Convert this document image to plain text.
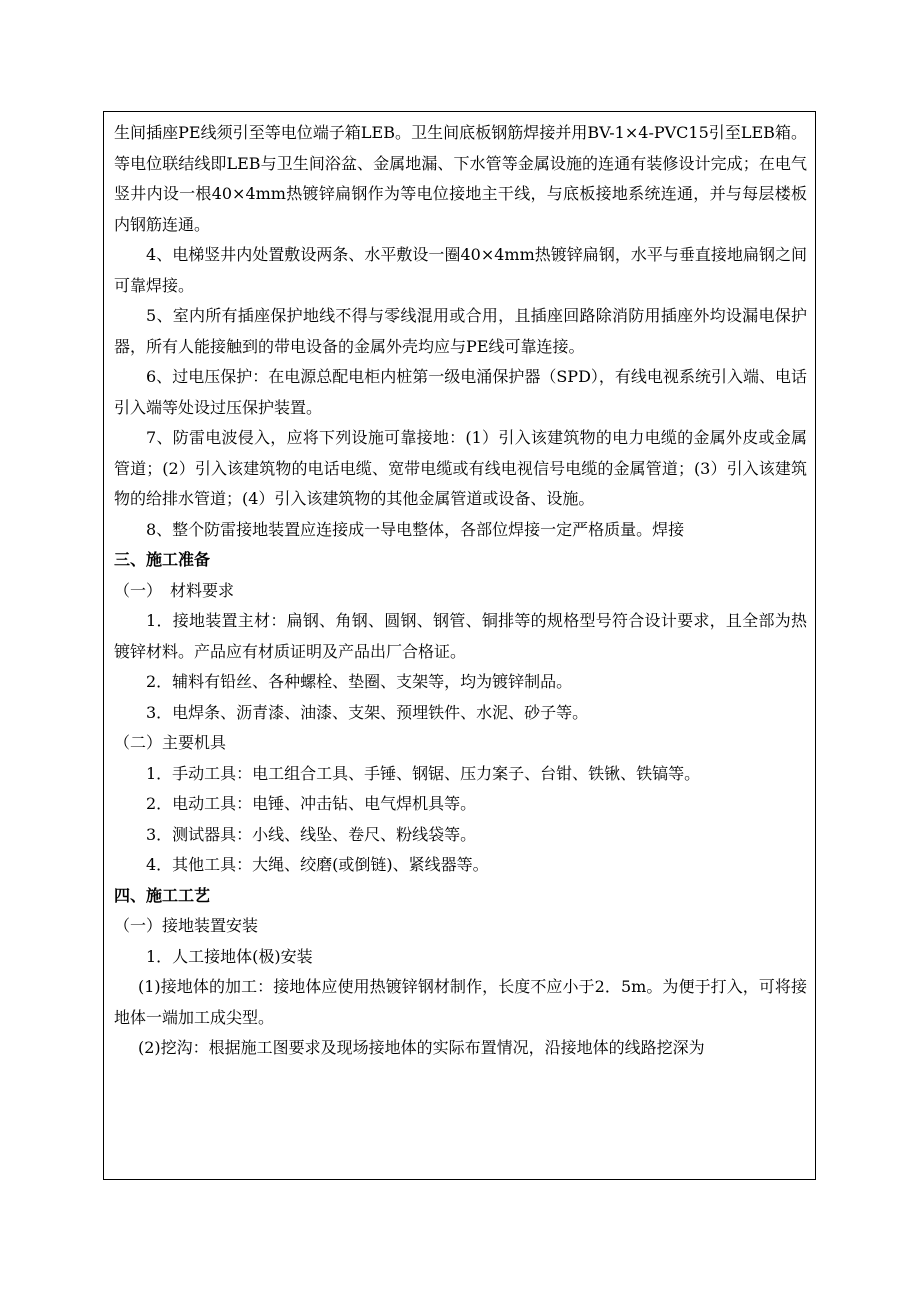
生间插座PE线须引至等电位端子箱LEB。卫生间底板钢筋焊接并用BV-1×4-PVC15引至LEB箱。等电位联结线即LEB与卫生间浴盆、金属地漏、下水管等金属设施的连通有装修设计完成；在电气竖井内设一根40×4mm热镀锌扁钢作为等电位接地主干线，与底板接地系统连通，并与每层楼板内钢筋连通。

4、电梯竖井内处置敷设两条、水平敷设一圈40×4mm热镀锌扁钢，水平与垂直接地扁钢之间可靠焊接。

5、室内所有插座保护地线不得与零线混用或合用，且插座回路除消防用插座外均设漏电保护器，所有人能接触到的带电设备的金属外壳均应与PE线可靠连接。

6、过电压保护：在电源总配电柜内桩第一级电涌保护器（SPD），有线电视系统引入端、电话引入端等处设过压保护装置。

7、防雷电波侵入，应将下列设施可靠接地：(1）引入该建筑物的电力电缆的金属外皮或金属管道；(2）引入该建筑物的电话电缆、宽带电缆或有线电视信号电缆的金属管道；(3）引入该建筑物的给排水管道；(4）引入该建筑物的其他金属管道或设备、设施。

8、整个防雷接地装置应连接成一导电整体，各部位焊接一定严格质量。焊接

三、施工准备

（一）　材料要求

1．接地装置主材：扁钢、角钢、圆钢、钢管、铜排等的规格型号符合设计要求，且全部为热镀锌材料。产品应有材质证明及产品出厂合格证。

2．辅料有铅丝、各种螺栓、垫圈、支架等，均为镀锌制品。

3．电焊条、沥青漆、油漆、支架、预埋铁件、水泥、砂子等。

（二）主要机具

1．手动工具：电工组合工具、手锤、钢锯、压力案子、台钳、铁锹、铁镐等。

2．电动工具：电锤、冲击钻、电气焊机具等。

3．测试器具：小线、线坠、卷尺、粉线袋等。

4．其他工具：大绳、绞磨(或倒链)、紧线器等。

四、施工工艺

（一）接地装置安装

1．人工接地体(极)安装

(1)接地体的加工：接地体应使用热镀锌钢材制作，长度不应小于2．5m。为便于打入，可将接地体一端加工成尖型。

(2)挖沟：根据施工图要求及现场接地体的实际布置情况，沿接地体的线路挖深为
